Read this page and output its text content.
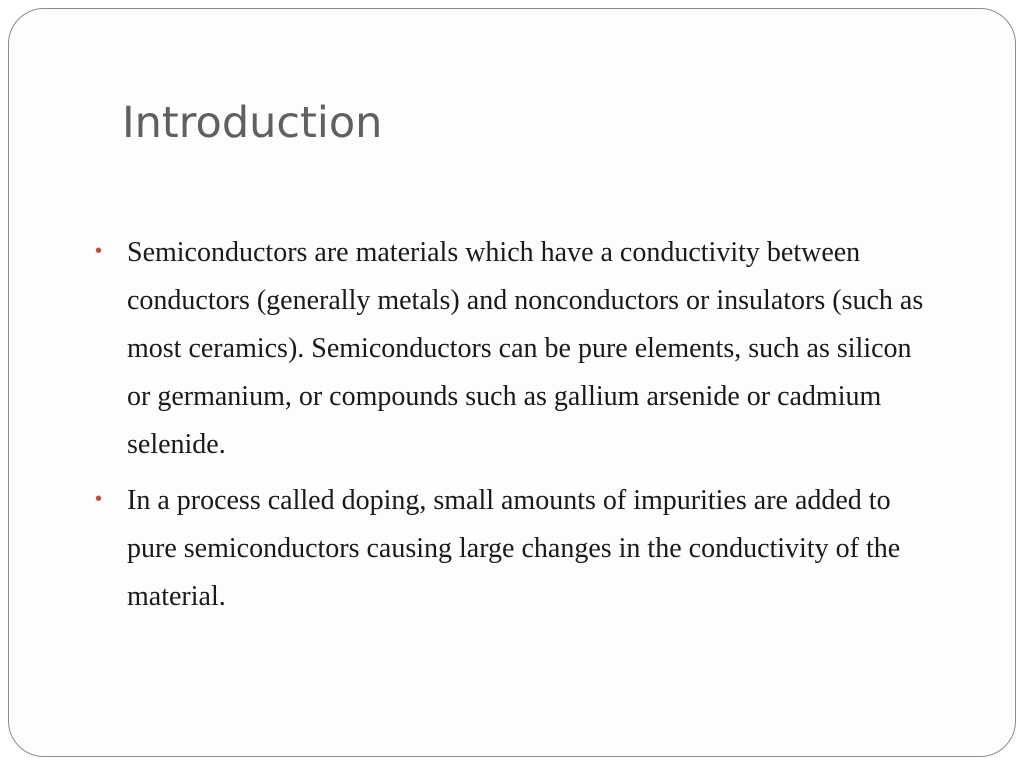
Introduction
• Semiconductors are materials which have a conductivity between conductors (generally metals) and nonconductors or insulators (such as most ceramics). Semiconductors can be pure elements, such as silicon or germanium, or compounds such as gallium arsenide or cadmium selenide.
• In a process called doping, small amounts of impurities are added to pure semiconductors causing large changes in the conductivity of the material.
